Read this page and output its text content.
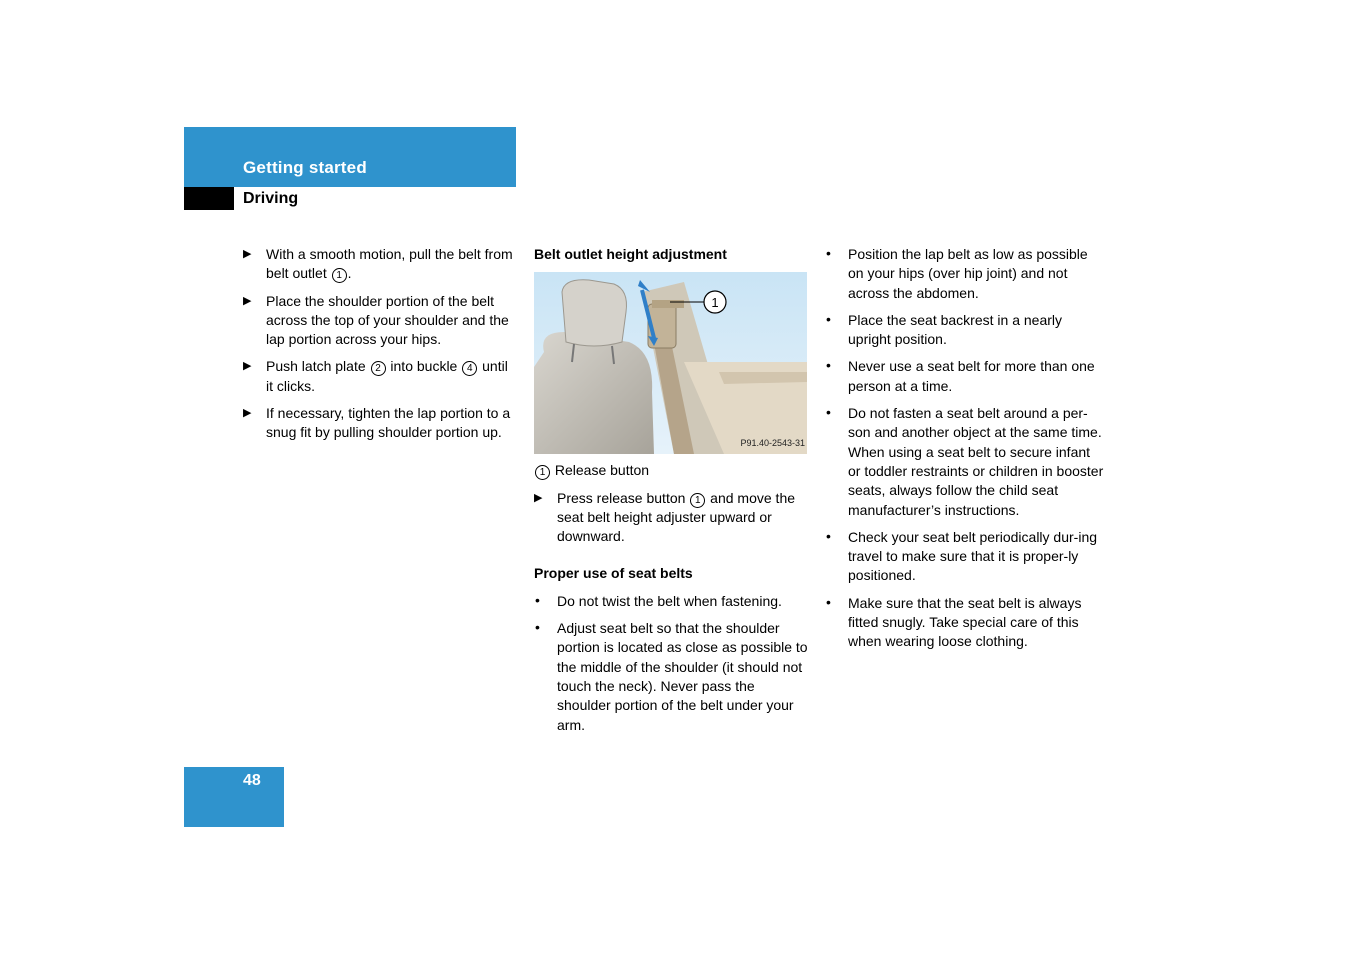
Getting started
Driving
▶ With a smooth motion, pull the belt from belt outlet 1 .
▶ Place the shoulder portion of the belt across the top of your shoulder and the lap portion across your hips.
▶ Push latch plate 2 into buckle 4 until it clicks.
▶ If necessary, tighten the lap portion to a snug fit by pulling shoulder portion up.
Belt outlet height adjustment
1
P91.40-2543-31
1 Release button
▶ Press release button 1 and move the seat belt height adjuster upward or downward.
Proper use of seat belts
• Do not twist the belt when fastening.
• Adjust seat belt so that the shoulder portion is located as close as possible to the middle of the shoulder (it should not touch the neck). Never pass the shoulder portion of the belt under your arm.
• Position the lap belt as low as possible on your hips (over hip joint) and not across the abdomen.
• Place the seat backrest in a nearly upright position.
• Never use a seat belt for more than one person at a time.
• Do not fasten a seat belt around a per-son and another object at the same time. When using a seat belt to secure infant or toddler restraints or children in booster seats, always follow the child seat manufacturer’s instructions.
• Check your seat belt periodically dur-ing travel to make sure that it is proper-ly positioned.
• Make sure that the seat belt is always fitted snugly. Take special care of this when wearing loose clothing.
48
